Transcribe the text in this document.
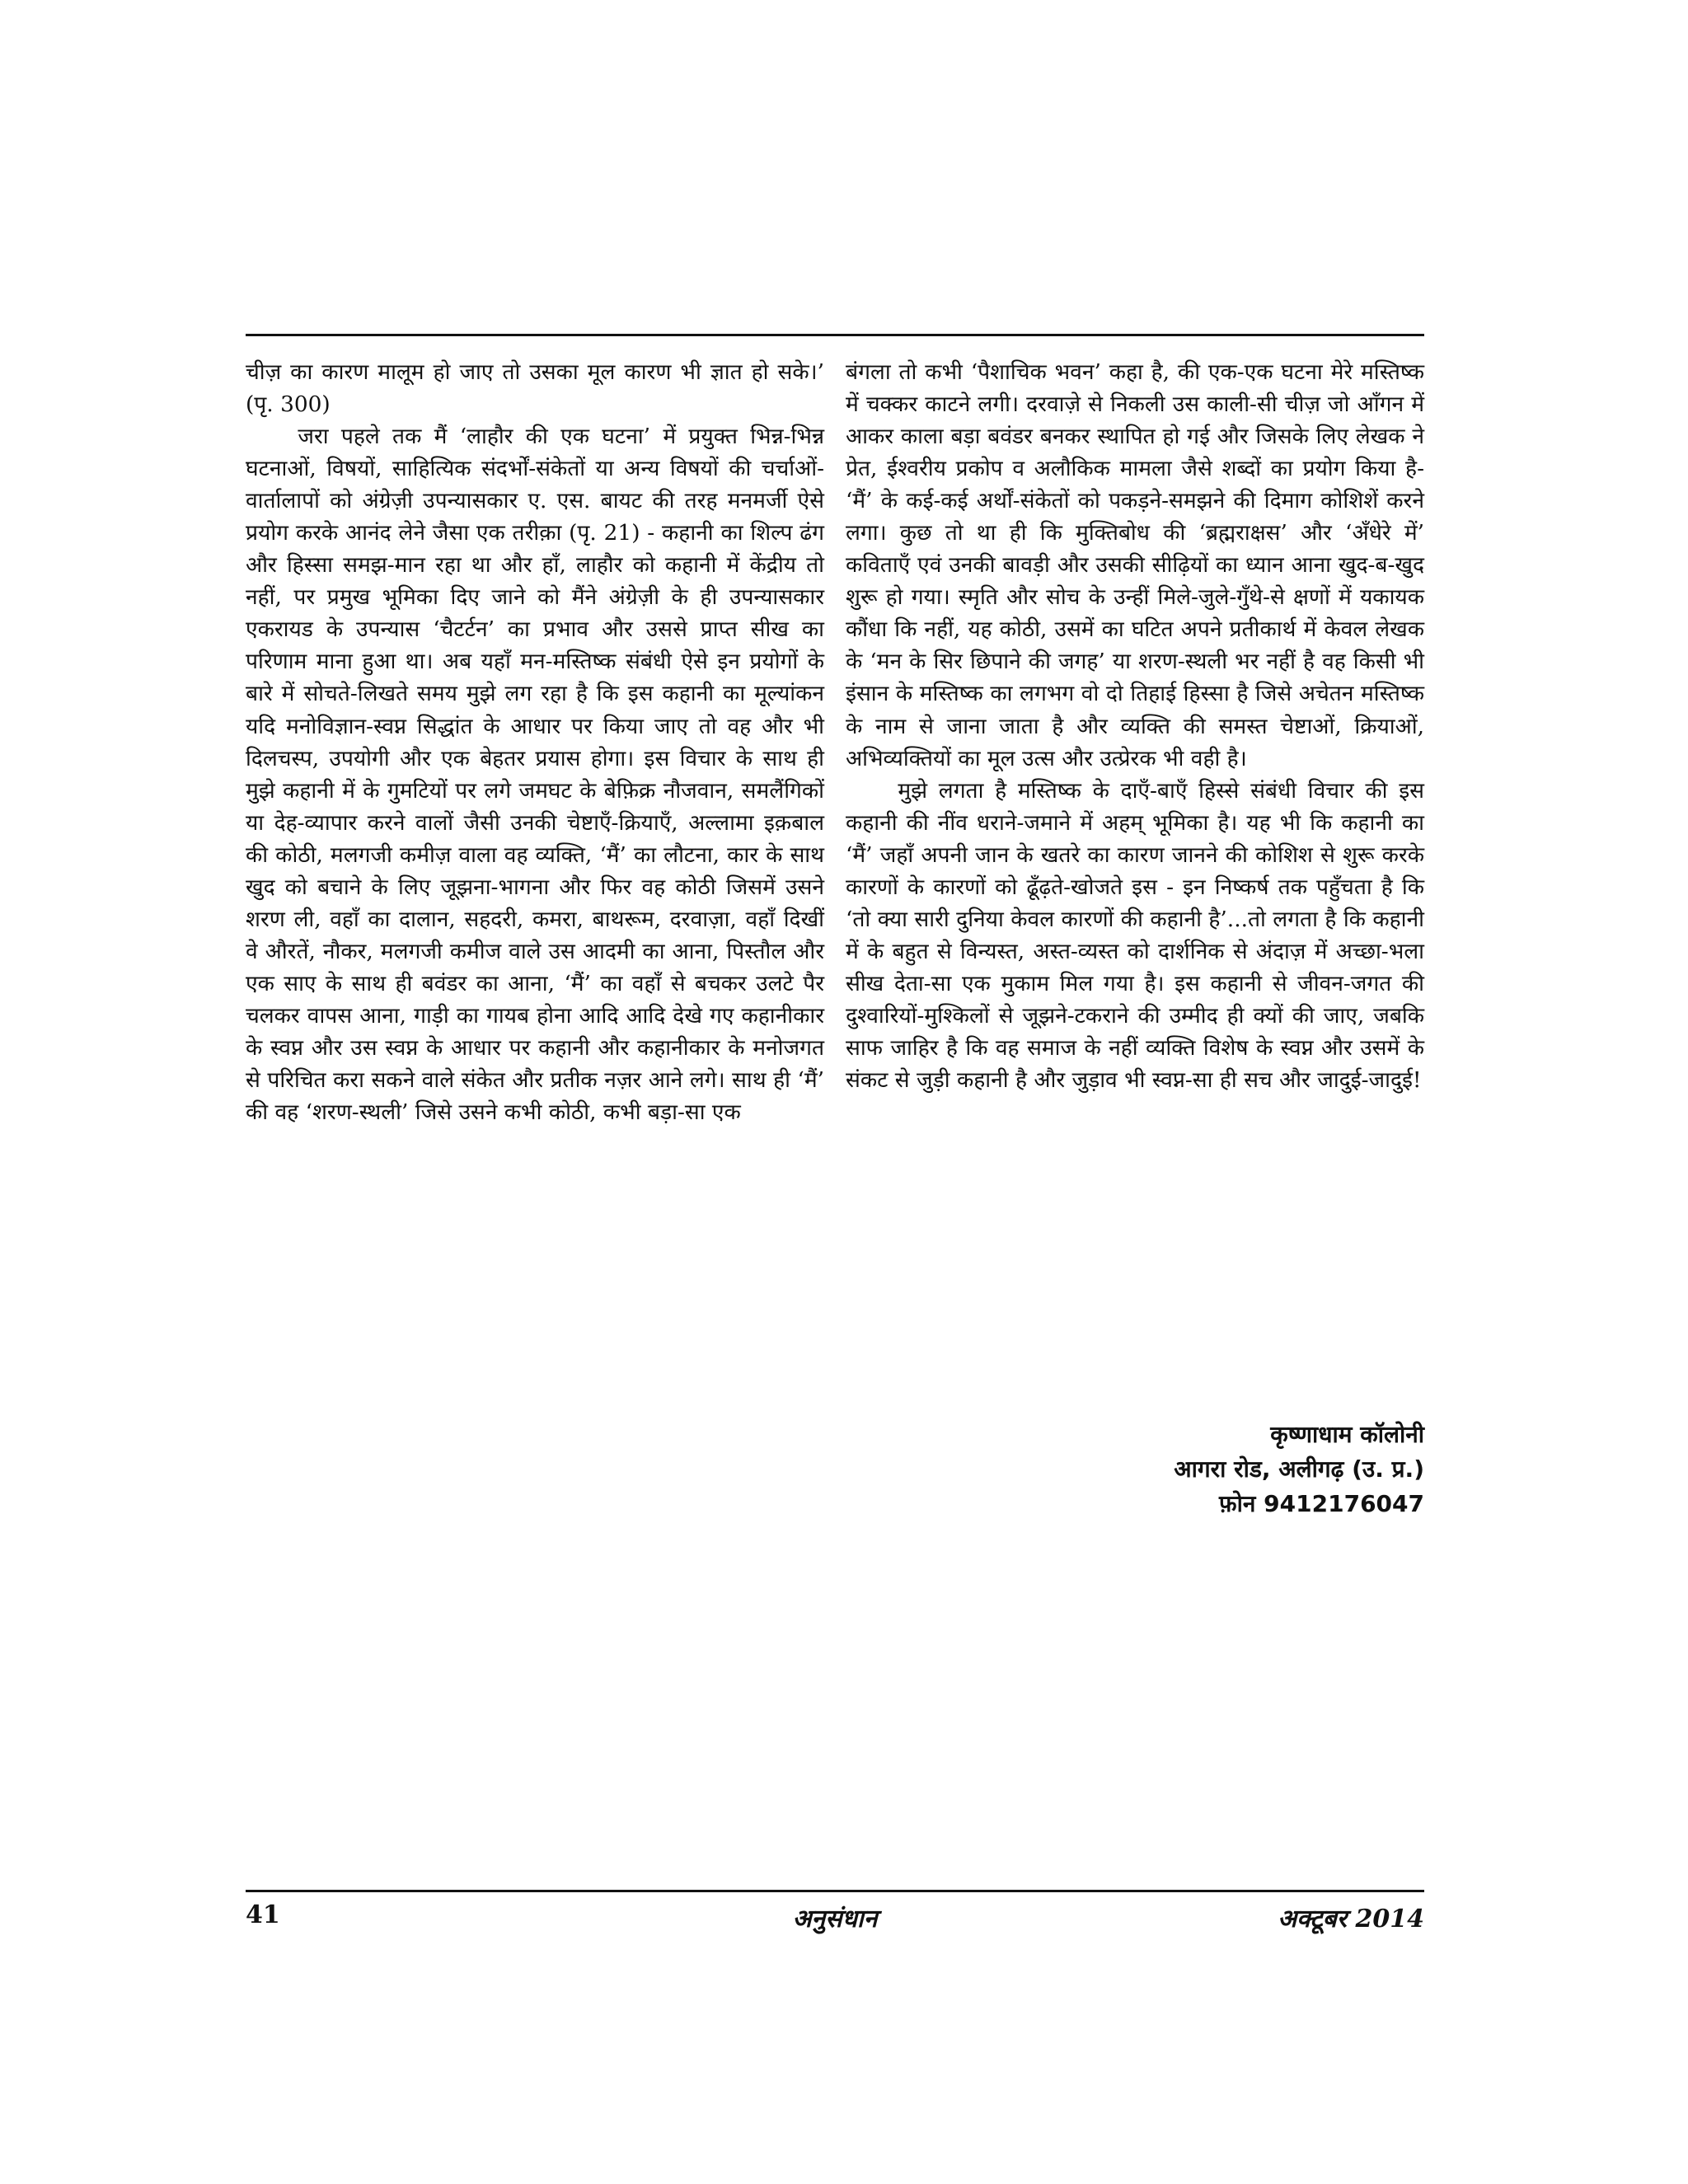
चीज़ का कारण मालूम हो जाए तो उसका मूल कारण भी ज्ञात हो सके।’ (पृ. 300)

जरा पहले तक मैं ‘लाहौर की एक घटना’ में प्रयुक्त भिन्न-भिन्न घटनाओं, विषयों, साहित्यिक संदर्भों-संकेतों या अन्य विषयों की चर्चाओं-वार्तालापों को अंग्रेज़ी उपन्यासकार ए. एस. बायट की तरह मनमर्जी ऐसे प्रयोग करके आनंद लेने जैसा एक तरीक़ा (पृ. 21) - कहानी का शिल्प ढंग और हिस्सा समझ-मान रहा था और हाँ, लाहौर को कहानी में केंद्रीय तो नहीं, पर प्रमुख भूमिका दिए जाने को मैंने अंग्रेज़ी के ही उपन्यासकार एकरायड के उपन्यास ‘चैटर्टन’ का प्रभाव और उससे प्राप्त सीख का परिणाम माना हुआ था। अब यहाँ मन-मस्तिष्क संबंधी ऐसे इन प्रयोगों के बारे में सोचते-लिखते समय मुझे लग रहा है कि इस कहानी का मूल्यांकन यदि मनोविज्ञान-स्वप्न सिद्धांत के आधार पर किया जाए तो वह और भी दिलचस्प, उपयोगी और एक बेहतर प्रयास होगा। इस विचार के साथ ही मुझे कहानी में के गुमटियों पर लगे जमघट के बेफ़िक्र नौजवान, समलैंगिकों या देह-व्यापार करने वालों जैसी उनकी चेष्टाएँ-क्रियाएँ, अल्लामा इक़बाल की कोठी, मलगजी कमीज़ वाला वह व्यक्ति, ‘मैं’ का लौटना, कार के साथ खुद को बचाने के लिए जूझना-भागना और फिर वह कोठी जिसमें उसने शरण ली, वहाँ का दालान, सहदरी, कमरा, बाथरूम, दरवाज़ा, वहाँ दिखीं वे औरतें, नौकर, मलगजी कमीज वाले उस आदमी का आना, पिस्तौल और एक साए के साथ ही बवंडर का आना, ‘मैं’ का वहाँ से बचकर उलटे पैर चलकर वापस आना, गाड़ी का गायब होना आदि आदि देखे गए कहानीकार के स्वप्न और उस स्वप्न के आधार पर कहानी और कहानीकार के मनोजगत से परिचित करा सकने वाले संकेत और प्रतीक नज़र आने लगे। साथ ही ‘मैं’ की वह ‘शरण-स्थली’ जिसे उसने कभी कोठी, कभी बड़ा-सा एक

बंगला तो कभी ‘पैशाचिक भवन’ कहा है, की एक-एक घटना मेरे मस्तिष्क में चक्कर काटने लगी। दरवाज़े से निकली उस काली-सी चीज़ जो आँगन में आकर काला बड़ा बवंडर बनकर स्थापित हो गई और जिसके लिए लेखक ने प्रेत, ईश्वरीय प्रकोप व अलौकिक मामला जैसे शब्दों का प्रयोग किया है- ‘मैं’ के कई-कई अर्थों-संकेतों को पकड़ने-समझने की दिमाग कोशिशें करने लगा। कुछ तो था ही कि मुक्तिबोध की ‘ब्रह्मराक्षस’ और ‘अँधेरे में’ कविताएँ एवं उनकी बावड़ी और उसकी सीढ़ियों का ध्यान आना खुद-ब-खुद शुरू हो गया। स्मृति और सोच के उन्हीं मिले-जुले-गुँथे-से क्षणों में यकायक कौंधा कि नहीं, यह कोठी, उसमें का घटित अपने प्रतीकार्थ में केवल लेखक के ‘मन के सिर छिपाने की जगह’ या शरण-स्थली भर नहीं है वह किसी भी इंसान के मस्तिष्क का लगभग वो दो तिहाई हिस्सा है जिसे अचेतन मस्तिष्क के नाम से जाना जाता है और व्यक्ति की समस्त चेष्टाओं, क्रियाओं, अभिव्यक्तियों का मूल उत्स और उत्प्रेरक भी वही है।

मुझे लगता है मस्तिष्क के दाएँ-बाएँ हिस्से संबंधी विचार की इस कहानी की नींव धराने-जमाने में अहम् भूमिका है। यह भी कि कहानी का ‘मैं’ जहाँ अपनी जान के खतरे का कारण जानने की कोशिश से शुरू करके कारणों के कारणों को ढूँढ़ते-खोजते इस - इन निष्कर्ष तक पहुँचता है कि ‘तो क्या सारी दुनिया केवल कारणों की कहानी है’...तो लगता है कि कहानी में के बहुत से विन्यस्त, अस्त-व्यस्त को दार्शनिक से अंदाज़ में अच्छा-भला सीख देता-सा एक मुकाम मिल गया है। इस कहानी से जीवन-जगत की दुश्वारियों-मुश्किलों से जूझने-टकराने की उम्मीद ही क्यों की जाए, जबकि साफ जाहिर है कि वह समाज के नहीं व्यक्ति विशेष के स्वप्न और उसमें के संकट से जुड़ी कहानी है और जुड़ाव भी स्वप्न-सा ही सच और जादुई-जादुई!

कृष्णाधाम कॉलोनी
आगरा रोड, अलीगढ़ (उ. प्र.)
फ़ोन 9412176047
41	अनुसंधान	अक्टूबर 2014
